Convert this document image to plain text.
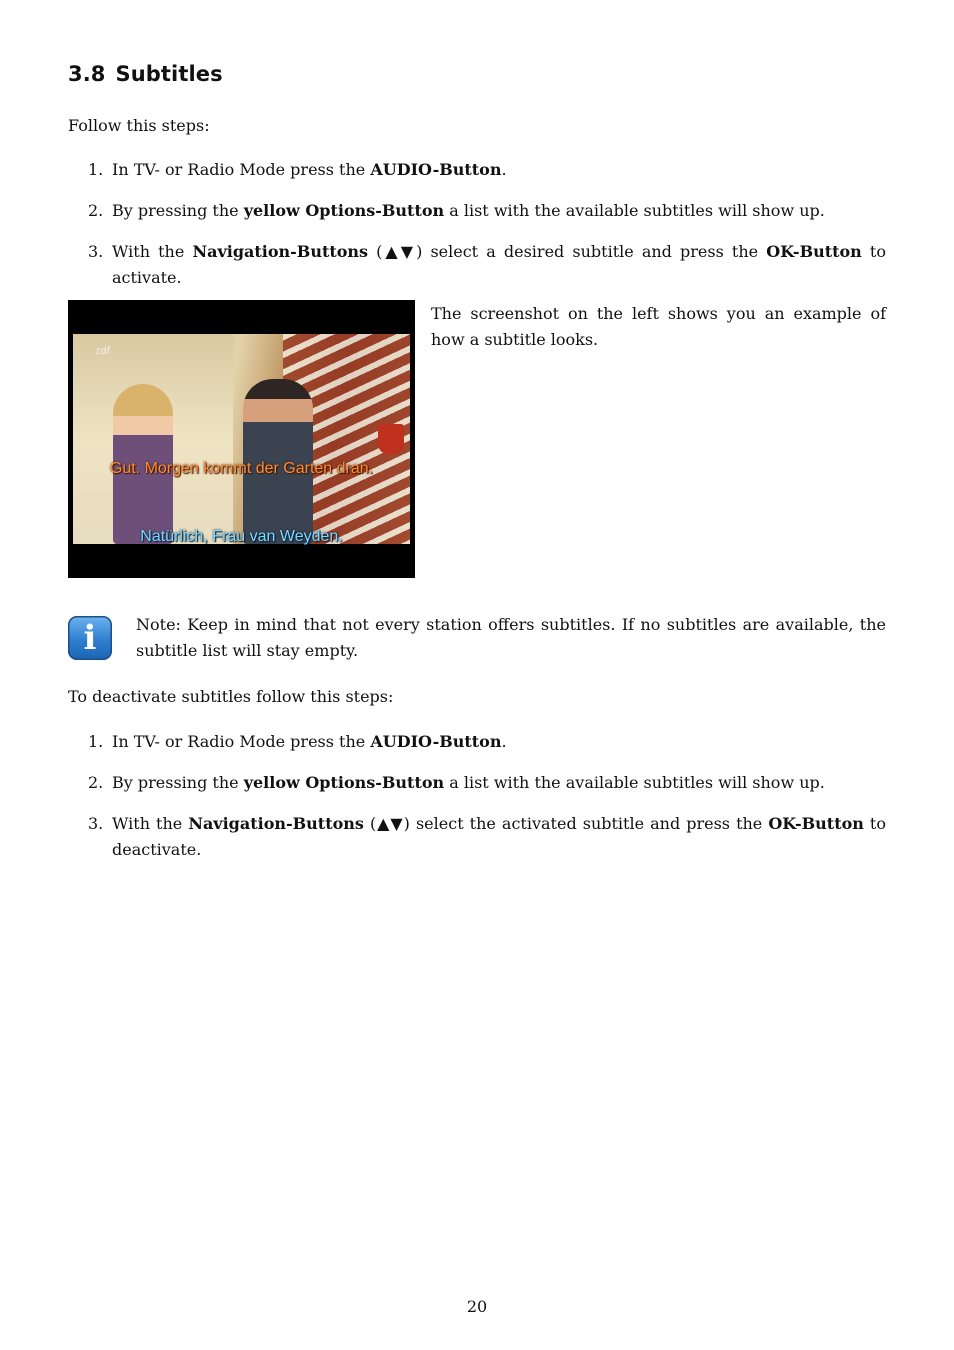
3.8 Subtitles

Follow this steps:

1. In TV- or Radio Mode press the AUDIO-Button.
2. By pressing the yellow Options-Button a list with the available subtitles will show up.
3. With the Navigation-Buttons (▲▼) select a desired subtitle and press the OK-Button to activate.
zdf
Gut. Morgen kommt der Garten dran.
Natürlich, Frau van Weyden.

The screenshot on the left shows you an example of how a subtitle looks.

i	Note: Keep in mind that not every station offers subtitles. If no subtitles are available, the subtitle list will stay empty.

To deactivate subtitles follow this steps:

1. In TV- or Radio Mode press the AUDIO-Button.
2. By pressing the yellow Options-Button a list with the available subtitles will show up.
3. With the Navigation-Buttons (▲▼) select the activated subtitle and press the OK-Button to deactivate.
20
